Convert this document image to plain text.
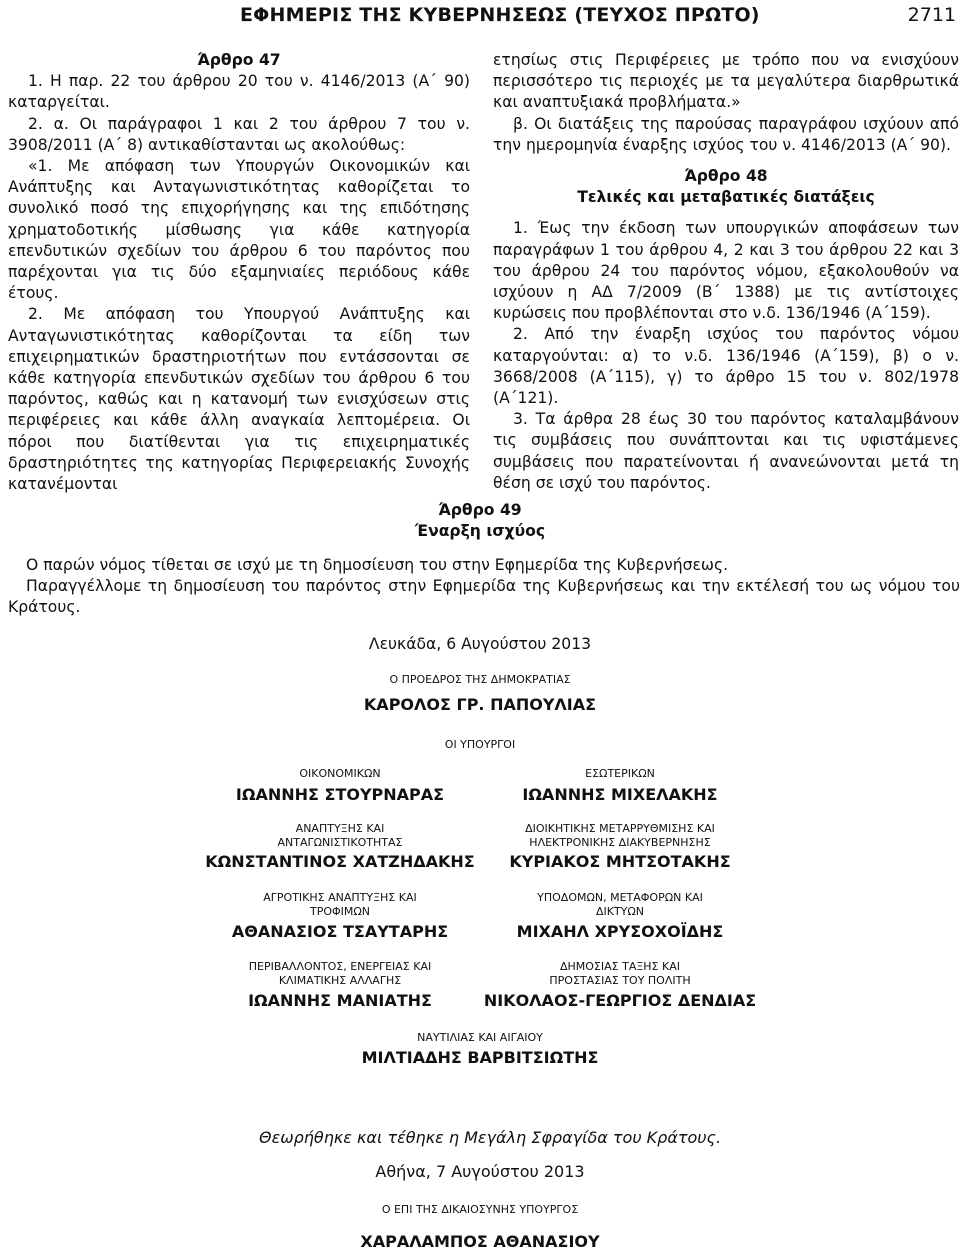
ΕΦΗΜΕΡΙΣ ΤΗΣ ΚΥΒΕΡΝΗΣΕΩΣ (ΤΕΥΧΟΣ ΠΡΩΤΟ)	2711

Άρθρο 47

1. Η παρ. 22 του άρθρου 20 του ν. 4146/2013 (Α΄ 90) καταργείται.

2. α. Οι παράγραφοι 1 και 2 του άρθρου 7 του ν. 3908/2011 (Α΄ 8) αντικαθίστανται ως ακολούθως:

«1. Με απόφαση των Υπουργών Οικονομικών και Ανάπτυξης και Ανταγωνιστικότητας καθορίζεται το συνολικό ποσό της επιχορήγησης και της επιδότησης χρηματοδοτικής μίσθωσης για κάθε κατηγορία επενδυτικών σχεδίων του άρθρου 6 του παρόντος που παρέχονται για τις δύο εξαμηνιαίες περιόδους κάθε έτους.

2. Με απόφαση του Υπουργού Ανάπτυξης και Ανταγωνιστικότητας καθορίζονται τα είδη των επιχειρηματικών δραστηριοτήτων που εντάσσονται σε κάθε κατηγορία επενδυτικών σχεδίων του άρθρου 6 του παρόντος, καθώς και η κατανομή των ενισχύσεων στις περιφέρειες και κάθε άλλη αναγκαία λεπτομέρεια. Οι πόροι που διατίθενται για τις επιχειρηματικές δραστηριότητες της κατηγορίας Περιφερειακής Συνοχής κατανέμονται

ετησίως στις Περιφέρειες με τρόπο που να ενισχύουν περισσότερο τις περιοχές με τα μεγαλύτερα διαρθρωτικά και αναπτυξιακά προβλήματα.»

β. Οι διατάξεις της παρούσας παραγράφου ισχύουν από την ημερομηνία έναρξης ισχύος του ν. 4146/2013 (Α΄ 90).

Άρθρο 48

Τελικές και μεταβατικές διατάξεις

1. Έως την έκδοση των υπουργικών αποφάσεων των παραγράφων 1 του άρθρου 4, 2 και 3 του άρθρου 22 και 3 του άρθρου 24 του παρόντος νόμου, εξακολουθούν να ισχύουν η ΑΔ 7/2009 (Β΄ 1388) με τις αντίστοιχες κυρώσεις που προβλέπονται στο ν.δ. 136/1946 (Α΄159).

2. Από την έναρξη ισχύος του παρόντος νόμου καταργούνται: α) το ν.δ. 136/1946 (Α΄159), β) ο ν. 3668/2008 (Α΄115), γ) το άρθρο 15 του ν. 802/1978 (Α΄121).

3. Τα άρθρα 28 έως 30 του παρόντος καταλαμβάνουν τις συμβάσεις που συνάπτονται και τις υφιστάμενες συμβάσεις που παρατείνονται ή ανανεώνονται μετά τη θέση σε ισχύ του παρόντος.

Άρθρο 49
Έναρξη ισχύος

Ο παρών νόμος τίθεται σε ισχύ με τη δημοσίευση του στην Εφημερίδα της Κυβερνήσεως.

Παραγγέλλομε τη δημοσίευση του παρόντος στην Εφημερίδα της Κυβερνήσεως και την εκτέλεσή του ως νόμου του Κράτους.

Λευκάδα, 6 Αυγούστου 2013
Ο ΠΡΟΕΔΡΟΣ ΤΗΣ ΔΗΜΟΚΡΑΤΙΑΣ
ΚΑΡΟΛΟΣ ΓΡ. ΠΑΠΟΥΛΙΑΣ
ΟΙ ΥΠΟΥΡΓΟΙ
ΟΙΚΟΝΟΜΙΚΩΝ
ΙΩΑΝΝΗΣ ΣΤΟΥΡΝΑΡΑΣ
ΑΝΑΠΤΥΞΗΣ ΚΑΙ
ΑΝΤΑΓΩΝΙΣΤΙΚΟΤΗΤΑΣ
ΚΩΝΣΤΑΝΤΙΝΟΣ ΧΑΤΖΗΔΑΚΗΣ
ΑΓΡΟΤΙΚΗΣ ΑΝΑΠΤΥΞΗΣ ΚΑΙ
ΤΡΟΦΙΜΩΝ
ΑΘΑΝΑΣΙΟΣ ΤΣΑΥΤΑΡΗΣ
ΠΕΡΙΒΑΛΛΟΝΤΟΣ, ΕΝΕΡΓΕΙΑΣ ΚΑΙ
ΚΛΙΜΑΤΙΚΗΣ ΑΛΛΑΓΗΣ
ΙΩΑΝΝΗΣ ΜΑΝΙΑΤΗΣ
ΕΣΩΤΕΡΙΚΩΝ
ΙΩΑΝΝΗΣ ΜΙΧΕΛΑΚΗΣ
ΔΙΟΙΚΗΤΙΚΗΣ ΜΕΤΑΡΡΥΘΜΙΣΗΣ ΚΑΙ
ΗΛΕΚΤΡΟΝΙΚΗΣ ΔΙΑΚΥΒΕΡΝΗΣΗΣ
ΚΥΡΙΑΚΟΣ ΜΗΤΣΟΤΑΚΗΣ
ΥΠΟΔΟΜΩΝ, ΜΕΤΑΦΟΡΩΝ ΚΑΙ
ΔΙΚΤΥΩΝ
ΜΙΧΑΗΛ ΧΡΥΣΟΧΟΪΔΗΣ
ΔΗΜΟΣΙΑΣ ΤΑΞΗΣ ΚΑΙ
ΠΡΟΣΤΑΣΙΑΣ ΤΟΥ ΠΟΛΙΤΗ
ΝΙΚΟΛΑΟΣ-ΓΕΩΡΓΙΟΣ ΔΕΝΔΙΑΣ
ΝΑΥΤΙΛΙΑΣ ΚΑΙ ΑΙΓΑΙΟΥ
ΜΙΛΤΙΑΔΗΣ ΒΑΡΒΙΤΣΙΩΤΗΣ
Θεωρήθηκε και τέθηκε η Μεγάλη Σφραγίδα του Κράτους.
Αθήνα, 7 Αυγούστου 2013
Ο ΕΠΙ ΤΗΣ ΔΙΚΑΙΟΣΥΝΗΣ ΥΠΟΥΡΓΟΣ
ΧΑΡΑΛΑΜΠΟΣ ΑΘΑΝΑΣΙΟΥ
